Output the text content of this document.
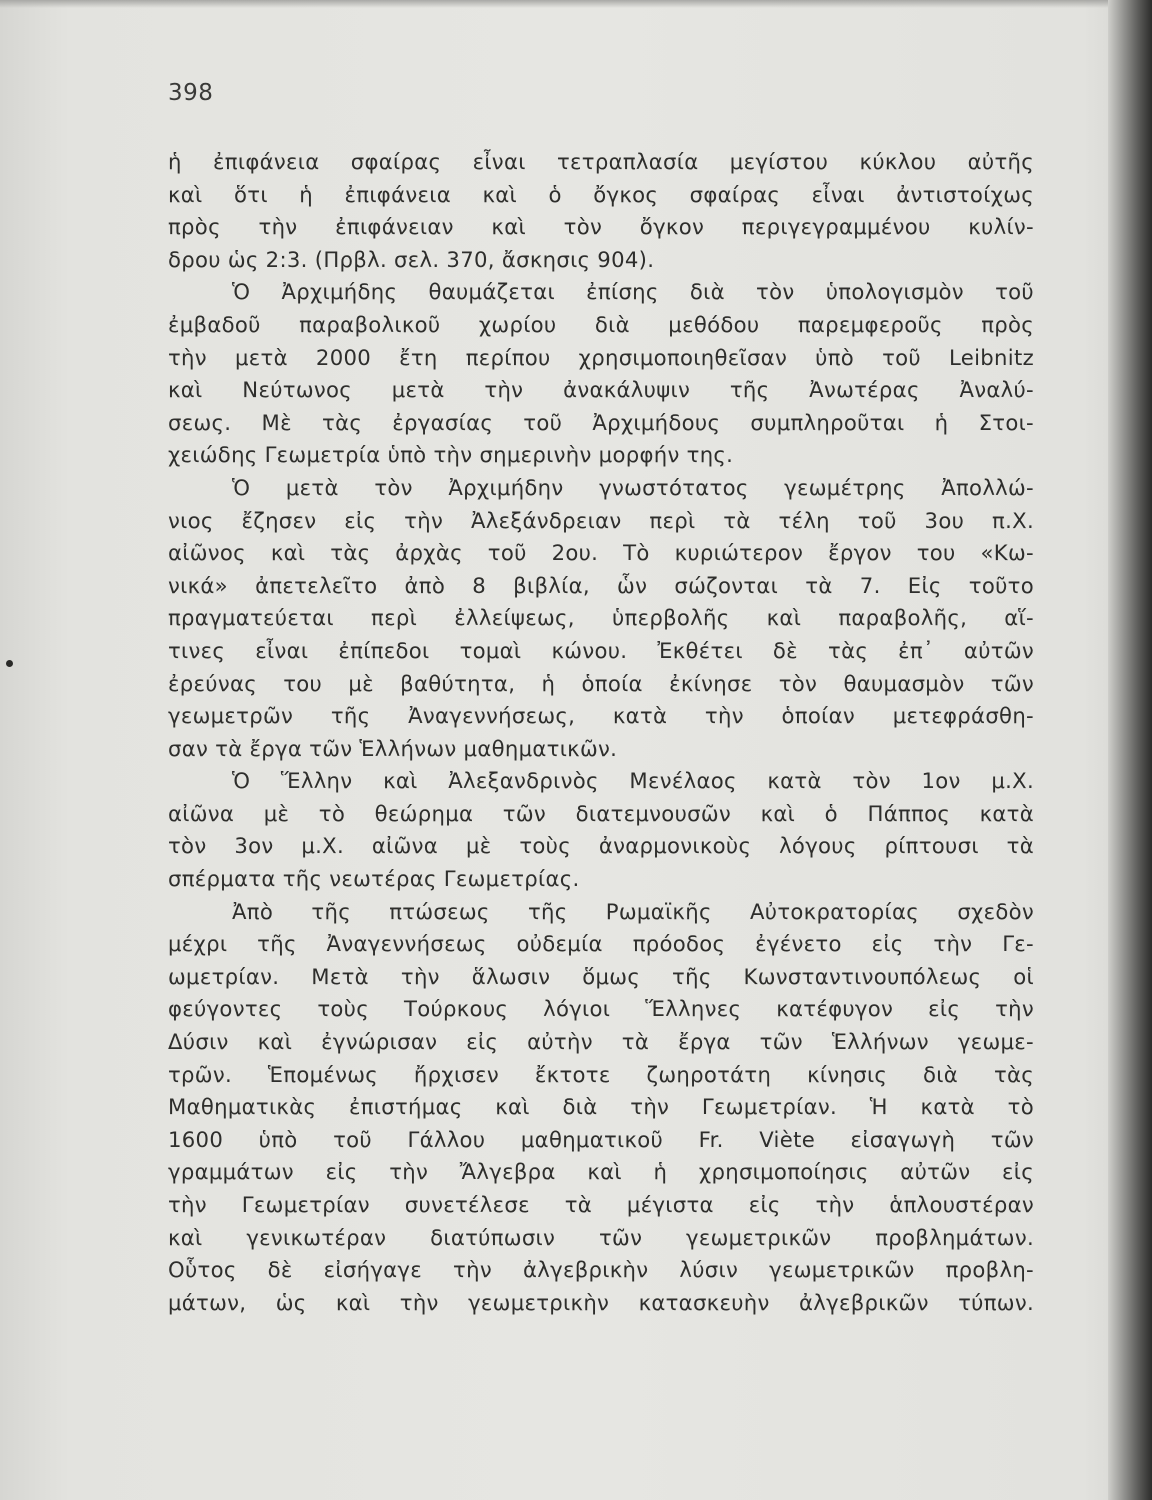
398
ἡ ἐπιφάνεια σφαίρας εἶναι τετραπλασία μεγίστου κύκλου αὐτῆς
καὶ ὅτι ἡ ἐπιφάνεια καὶ ὁ ὄγκος σφαίρας εἶναι ἀντιστοίχως
πρὸς τὴν ἐπιφάνειαν καὶ τὸν ὄγκον περιγεγραμμένου κυλίν-
δρου ὡς 2:3. (Πρβλ. σελ. 370, ἄσκησις 904).
Ὁ Ἀρχιμήδης θαυμάζεται ἐπίσης διὰ τὸν ὑπολογισμὸν τοῦ
ἐμβαδοῦ παραβολικοῦ χωρίου διὰ μεθόδου παρεμφεροῦς πρὸς
τὴν μετὰ 2000 ἔτη περίπου χρησιμοποιηθεῖσαν ὑπὸ τοῦ Leibnitz
καὶ Νεύτωνος μετὰ τὴν ἀνακάλυψιν τῆς Ἀνωτέρας Ἀναλύ-
σεως. Μὲ τὰς ἐργασίας τοῦ Ἀρχιμήδους συμπληροῦται ἡ Στοι-
χειώδης Γεωμετρία ὑπὸ τὴν σημερινὴν μορφήν της.
Ὁ μετὰ τὸν Ἀρχιμήδην γνωστότατος γεωμέτρης Ἀπολλώ-
νιος ἔζησεν εἰς τὴν Ἀλεξάνδρειαν περὶ τὰ τέλη τοῦ 3ου π.Χ.
αἰῶνος καὶ τὰς ἀρχὰς τοῦ 2ου. Τὸ κυριώτερον ἔργον του «Κω-
νικά» ἀπετελεῖτο ἀπὸ 8 βιβλία, ὧν σώζονται τὰ 7. Εἰς τοῦτο
πραγματεύεται περὶ ἐλλείψεως, ὑπερβολῆς καὶ παραβολῆς, αἵ-
τινες εἶναι ἐπίπεδοι τομαὶ κώνου. Ἐκθέτει δὲ τὰς ἐπ᾽ αὐτῶν
ἐρεύνας του μὲ βαθύτητα, ἡ ὁποία ἐκίνησε τὸν θαυμασμὸν τῶν
γεωμετρῶν τῆς Ἀναγεννήσεως, κατὰ τὴν ὁποίαν μετεφράσθη-
σαν τὰ ἔργα τῶν Ἑλλήνων μαθηματικῶν.
Ὁ Ἕλλην καὶ Ἀλεξανδρινὸς Μενέλαος κατὰ τὸν 1ον μ.Χ.
αἰῶνα μὲ τὸ θεώρημα τῶν διατεμνουσῶν καὶ ὁ Πάππος κατὰ
τὸν 3ον μ.Χ. αἰῶνα μὲ τοὺς ἀναρμονικοὺς λόγους ρίπτουσι τὰ
σπέρματα τῆς νεωτέρας Γεωμετρίας.
Ἀπὸ τῆς πτώσεως τῆς Ρωμαϊκῆς Αὐτοκρατορίας σχεδὸν
μέχρι τῆς Ἀναγεννήσεως οὐδεμία πρόοδος ἐγένετο εἰς τὴν Γε-
ωμετρίαν. Μετὰ τὴν ἅλωσιν ὅμως τῆς Κωνσταντινουπόλεως οἱ
φεύγοντες τοὺς Τούρκους λόγιοι Ἕλληνες κατέφυγον εἰς τὴν
Δύσιν καὶ ἐγνώρισαν εἰς αὐτὴν τὰ ἔργα τῶν Ἑλλήνων γεωμε-
τρῶν. Ἑπομένως ἤρχισεν ἔκτοτε ζωηροτάτη κίνησις διὰ τὰς
Μαθηματικὰς ἐπιστήμας καὶ διὰ τὴν Γεωμετρίαν. Ἡ κατὰ τὸ
1600 ὑπὸ τοῦ Γάλλου μαθηματικοῦ Fr. Viète εἰσαγωγὴ τῶν
γραμμάτων εἰς τὴν Ἄλγεβρα καὶ ἡ χρησιμοποίησις αὐτῶν εἰς
τὴν Γεωμετρίαν συνετέλεσε τὰ μέγιστα εἰς τὴν ἁπλουστέραν
καὶ γενικωτέραν διατύπωσιν τῶν γεωμετρικῶν προβλημάτων.
Οὗτος δὲ εἰσήγαγε τὴν ἀλγεβρικὴν λύσιν γεωμετρικῶν προβλη-
μάτων, ὡς καὶ τὴν γεωμετρικὴν κατασκευὴν ἀλγεβρικῶν τύπων.
